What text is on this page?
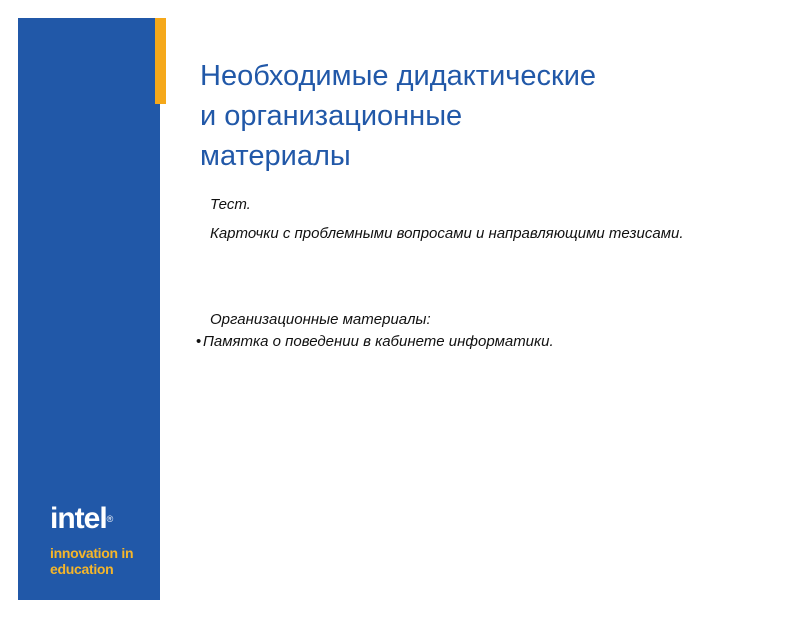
intel®
innovation in
education
Необходимые дидактические
и организационные
материалы

Тест.

Карточки с проблемными вопросами и направляющими тезисами.

Организационные материалы:

• Памятка о поведении в кабинете информатики.
